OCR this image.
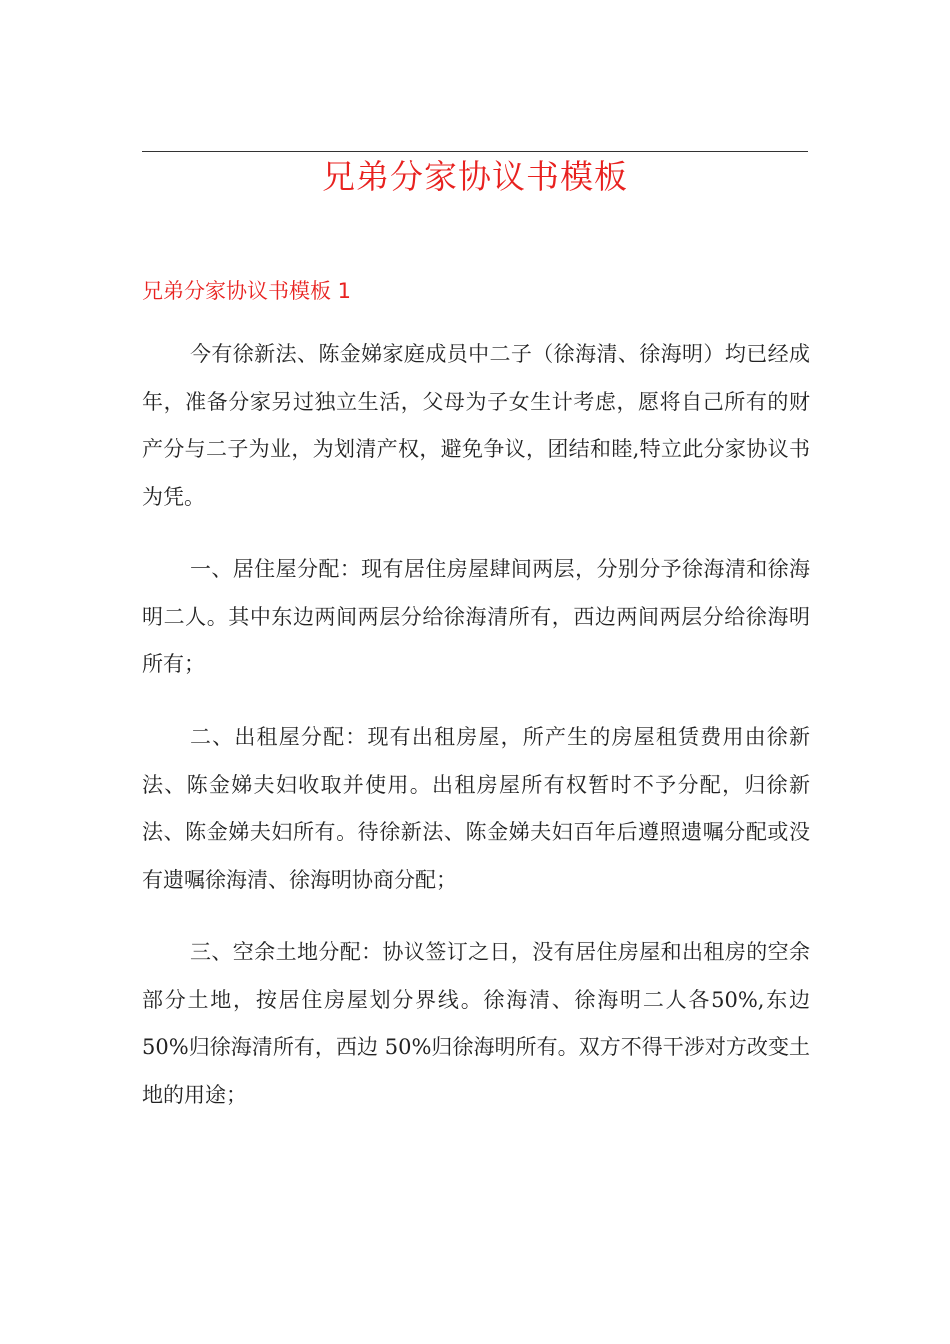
兄弟分家协议书模板
兄弟分家协议书模板 1

今有徐新法、陈金娣家庭成员中二子（徐海清、徐海明）均已经成年，准备分家另过独立生活，父母为子女生计考虑，愿将自己所有的财产分与二子为业，为划清产权，避免争议，团结和睦,特立此分家协议书为凭。

一、居住屋分配：现有居住房屋肆间两层，分别分予徐海清和徐海明二人。其中东边两间两层分给徐海清所有，西边两间两层分给徐海明所有；

二、出租屋分配：现有出租房屋，所产生的房屋租赁费用由徐新法、陈金娣夫妇收取并使用。出租房屋所有权暂时不予分配，归徐新法、陈金娣夫妇所有。待徐新法、陈金娣夫妇百年后遵照遗嘱分配或没有遗嘱徐海清、徐海明协商分配；

三、空余土地分配：协议签订之日，没有居住房屋和出租房的空余部分土地，按居住房屋划分界线。徐海清、徐海明二人各50%,东边 50%归徐海清所有，西边 50%归徐海明所有。双方不得干涉对方改变土地的用途；
